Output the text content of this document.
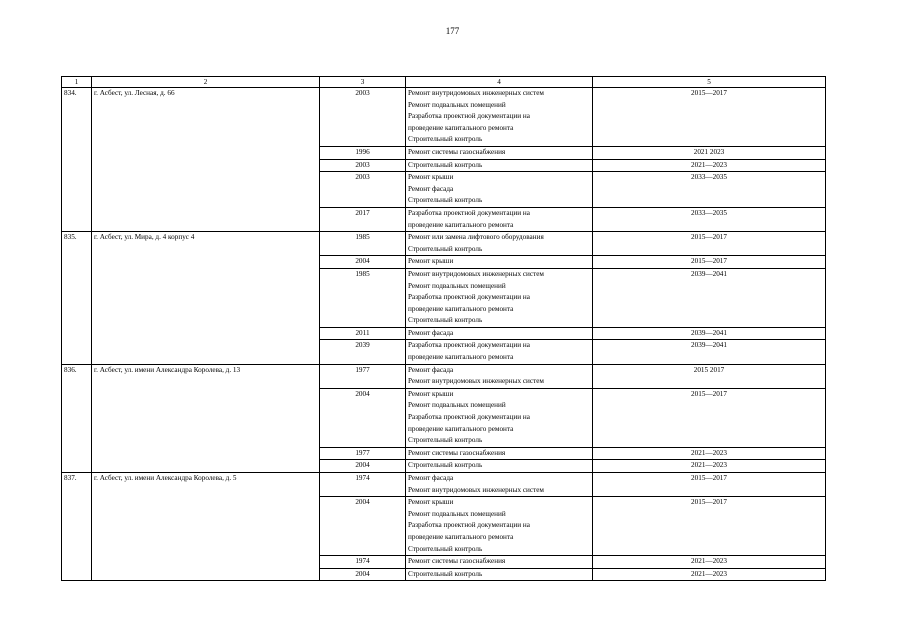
177
1	2	3	4	5
834.	г. Асбест, ул. Лесная, д. 66	2003	Ремонт внутридомовых инженерных систем
Ремонт подвальных помещений
Разработка проектной документации на
проведение капитального ремонта
Строительный контроль	2015—2017
		1996	Ремонт системы газоснабжения	2021 2023
		2003	Строительный контроль	2021—2023
		2003	Ремонт крыши
Ремонт фасада
Строительный контроль	2033—2035
		2017	Разработка проектной документации на
проведение капитального ремонта	2033—2035
835.	г. Асбест, ул. Мира, д. 4 корпус 4	1985	Ремонт или замена лифтового оборудования
Строительный контроль	2015—2017
		2004	Ремонт крыши	2015—2017
		1985	Ремонт внутридомовых инженерных систем
Ремонт подвальных помещений
Разработка проектной документации на
проведение капитального ремонта
Строительный контроль	2039—2041
		2011	Ремонт фасада	2039—2041
		2039	Разработка проектной документации на
проведение капитального ремонта	2039—2041
836.	г. Асбест, ул. имени Александра Королева, д. 13	1977	Ремонт фасада
Ремонт внутридомовых инженерных систем	2015 2017
		2004	Ремонт крыши
Ремонт подвальных помещений
Разработка проектной документации на
проведение капитального ремонта
Строительный контроль	2015—2017
		1977	Ремонт системы газоснабжения	2021—2023
		2004	Строительный контроль	2021—2023
837.	г. Асбест, ул. имени Александра Королева, д. 5	1974	Ремонт фасада
Ремонт внутридомовых инженерных систем	2015—2017
		2004	Ремонт крыши
Ремонт подвальных помещений
Разработка проектной документации на
проведение капитального ремонта
Строительный контроль	2015—2017
		1974	Ремонт системы газоснабжения	2021—2023
		2004	Строительный контроль	2021—2023
